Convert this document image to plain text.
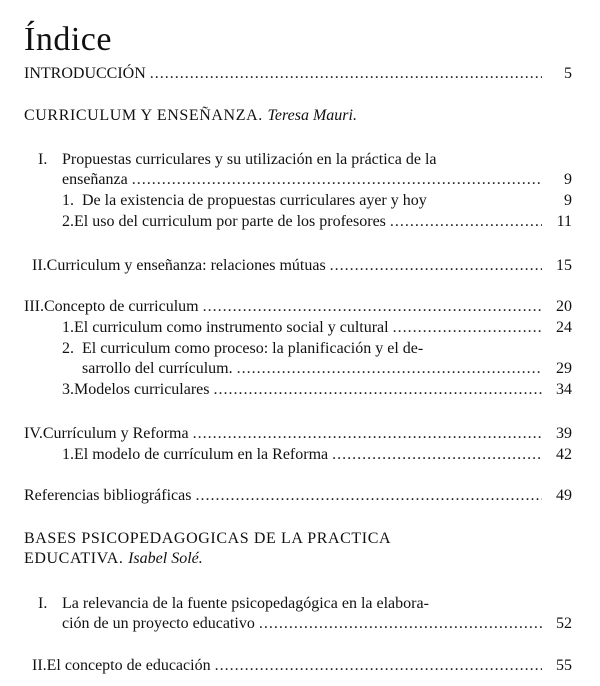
Índice
INTRODUCCIÓN .....	5
CURRICULUM Y ENSEÑANZA. Teresa Mauri.
I. Propuestas curriculares y su utilización en la práctica de la
enseñanza .....	9
1. De la existencia de propuestas curriculares ayer y hoy	9
2. El uso del curriculum por parte de los profesores .....	11
II. Curriculum y enseñanza: relaciones mútuas .....	15
III. Concepto de curriculum .....	20
1. El curriculum como instrumento social y cultural .....	24
2. El curriculum como proceso: la planificación y el de-
sarrollo del currículum. .....	29
3. Modelos curriculares .....	34
IV. Currículum y Reforma .....	39
1. El modelo de currículum en la Reforma .....	42
Referencias bibliográficas .....	49
BASES PSICOPEDAGOGICAS DE LA PRACTICA
EDUCATIVA. Isabel Solé.
I. La relevancia de la fuente psicopedagógica en la elabora-
ción de un proyecto educativo .....	52
II. El concepto de educación .....	55
